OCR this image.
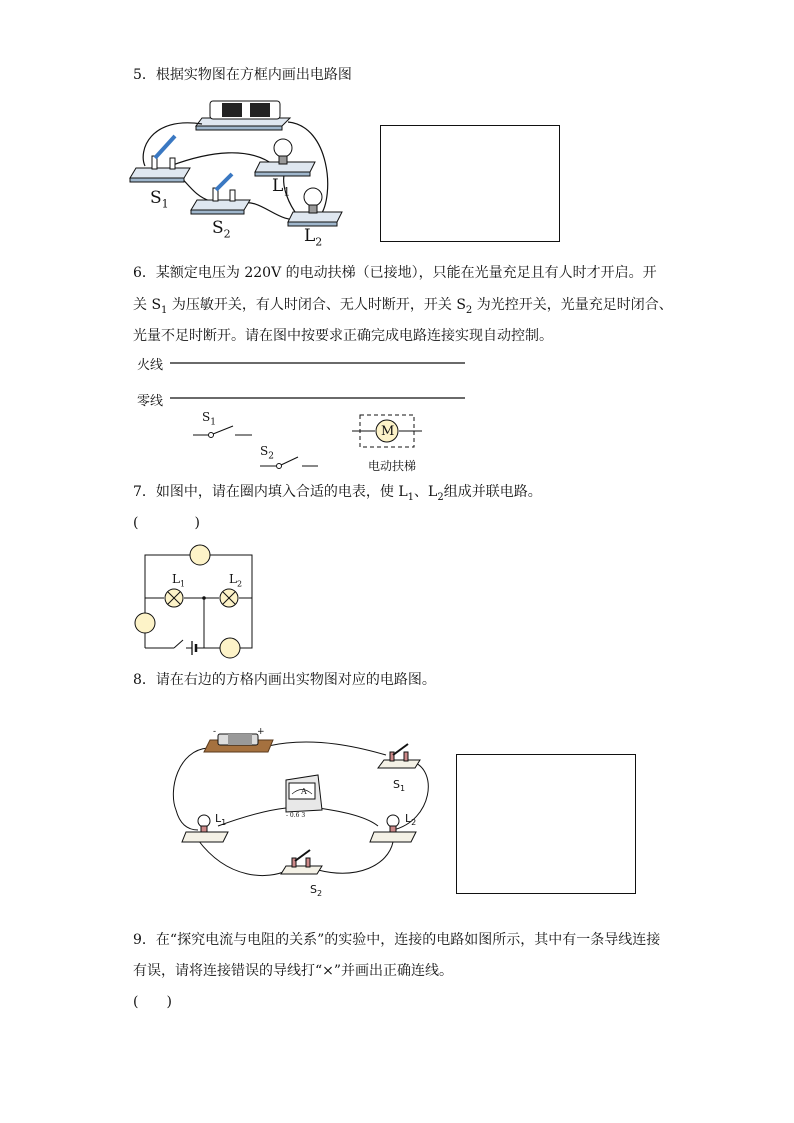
5．根据实物图在方框内画出电路图
$S_1$
$S_2$
$L_1$
$L_2$
6．某额定电压为 220V 的电动扶梯（已接地），只能在光量充足且有人时才开启。开
关 $S_1$ 为压敏开关，有人时闭合、无人时断开，开关 $S_2$ 为光控开关，光量充足时闭合、
光量不足时断开。请在图中按要求正确完成电路连接实现自动控制。
火线
零线
$S_1$
$S_2$
M
电动扶梯
7．如图中，请在圈内填入合适的电表，使 $L_1$、$L_2$组成并联电路。
(　　　　)
$L_1$	$L_2$
8．请在右边的方格内画出实物图对应的电路图。
-	+
A
- 0.6 3
$S_1$
$S_2$
$L_1$	$L_2$
9．在“探究电流与电阻的关系”的实验中，连接的电路如图所示，其中有一条导线连接
有误，请将连接错误的导线打“×”并画出正确连线。
(　　)
